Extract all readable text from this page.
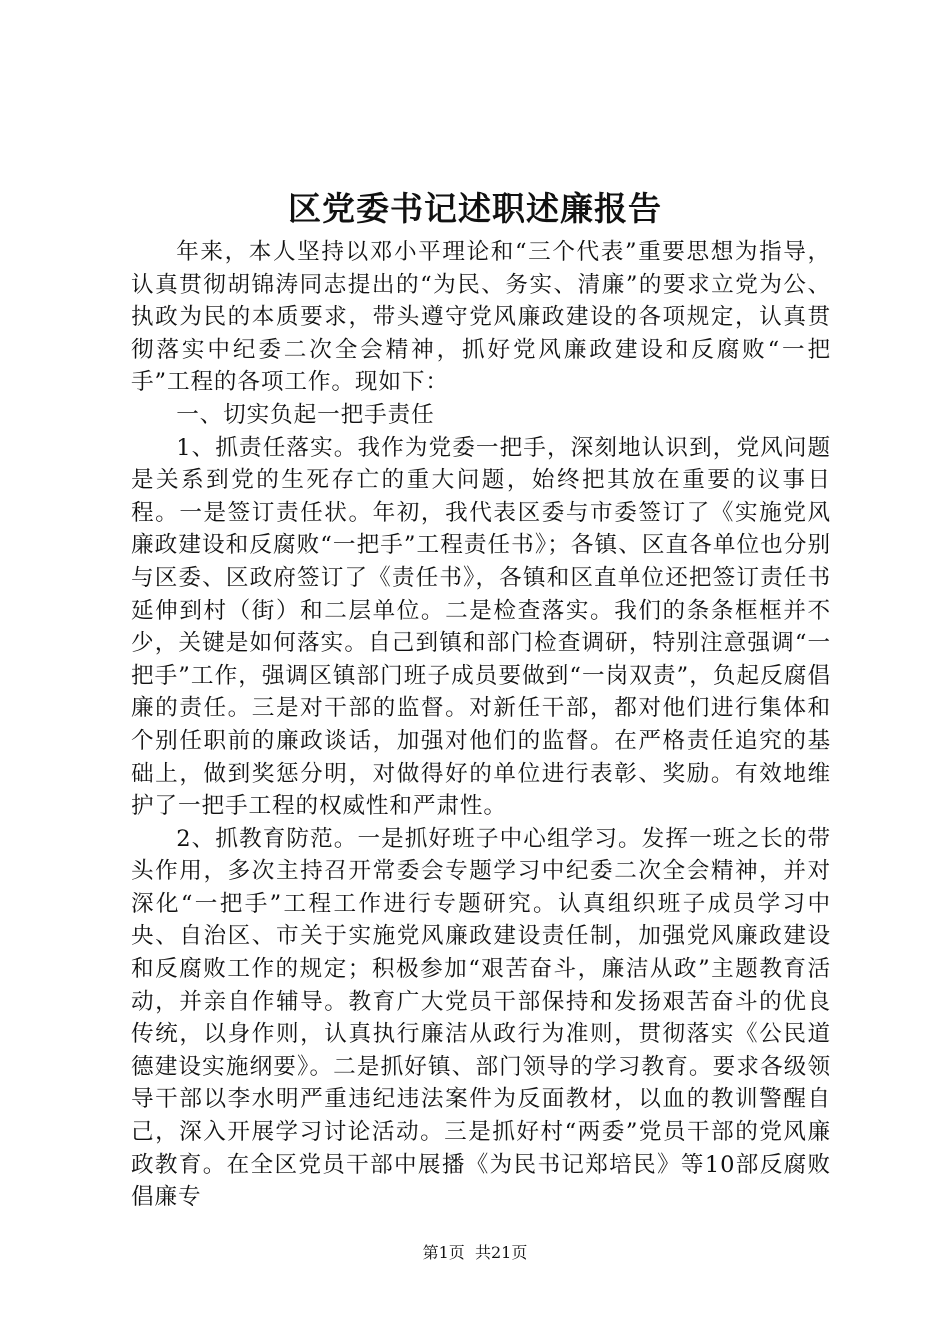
区党委书记述职述廉报告

年来，本人坚持以邓小平理论和“三个代表”重要思想为指导，认真贯彻胡锦涛同志提出的“为民、务实、清廉”的要求立党为公、执政为民的本质要求，带头遵守党风廉政建设的各项规定，认真贯彻落实中纪委二次全会精神，抓好党风廉政建设和反腐败“一把手”工程的各项工作。现如下：

一、切实负起一把手责任

1、抓责任落实。我作为党委一把手，深刻地认识到，党风问题是关系到党的生死存亡的重大问题，始终把其放在重要的议事日程。一是签订责任状。年初，我代表区委与市委签订了《实施党风廉政建设和反腐败“一把手”工程责任书》；各镇、区直各单位也分别与区委、区政府签订了《责任书》，各镇和区直单位还把签订责任书延伸到村（街）和二层单位。二是检查落实。我们的条条框框并不少，关键是如何落实。自己到镇和部门检查调研，特别注意强调“一把手”工作，强调区镇部门班子成员要做到“一岗双责”，负起反腐倡廉的责任。三是对干部的监督。对新任干部，都对他们进行集体和个别任职前的廉政谈话，加强对他们的监督。在严格责任追究的基础上，做到奖惩分明，对做得好的单位进行表彰、奖励。有效地维护了一把手工程的权威性和严肃性。

2、抓教育防范。一是抓好班子中心组学习。发挥一班之长的带头作用，多次主持召开常委会专题学习中纪委二次全会精神，并对深化“一把手”工程工作进行专题研究。认真组织班子成员学习中央、自治区、市关于实施党风廉政建设责任制，加强党风廉政建设和反腐败工作的规定；积极参加“艰苦奋斗，廉洁从政”主题教育活动，并亲自作辅导。教育广大党员干部保持和发扬艰苦奋斗的优良传统，以身作则，认真执行廉洁从政行为准则，贯彻落实《公民道德建设实施纲要》。二是抓好镇、部门领导的学习教育。要求各级领导干部以李水明严重违纪违法案件为反面教材，以血的教训警醒自己，深入开展学习讨论活动。三是抓好村“两委”党员干部的党风廉政教育。在全区党员干部中展播《为民书记郑培民》等10部反腐败倡廉专

第1页 共21页
